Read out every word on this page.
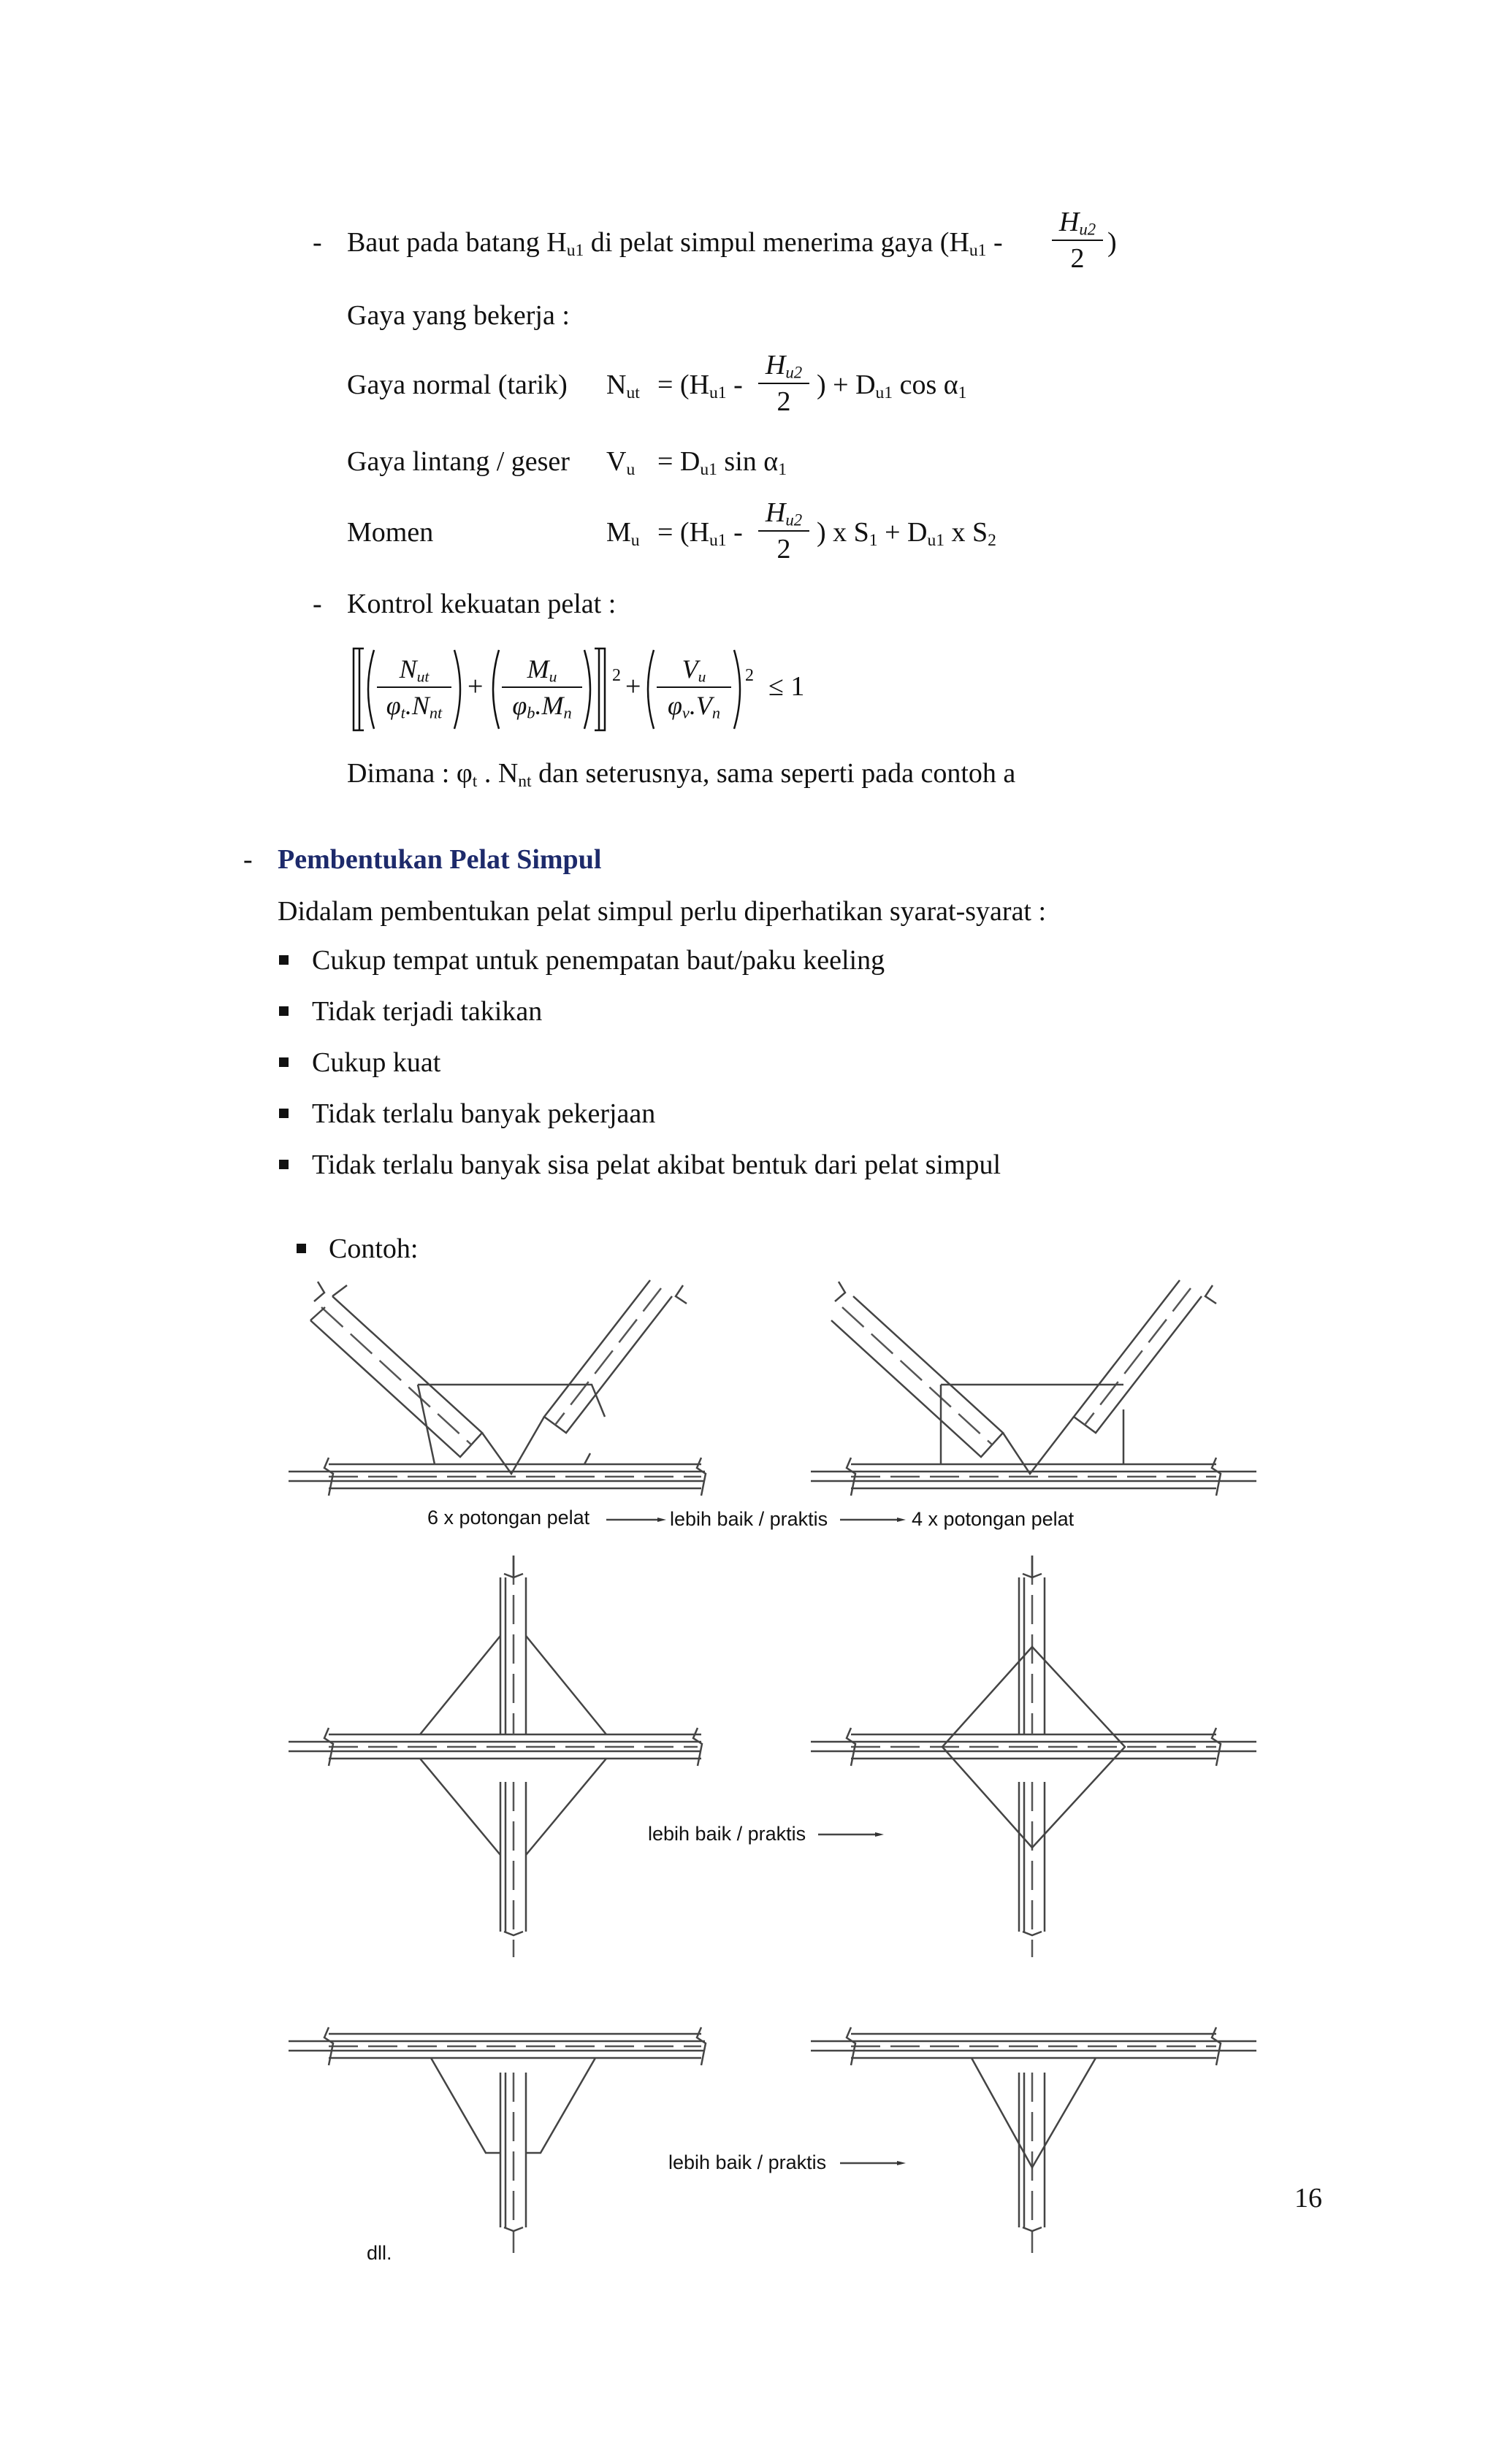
- Baut pada batang $H_{u1}$ di pelat simpul menerima gaya ($H_{u1} - \frac{H_{u2}}{2}$ )
Gaya yang bekerja :
Gaya normal (tarik) $N_{ut} = (H_{u1} - \frac{H_{u2}}{2}$ ) + $D_{u1}$ $\cos \alpha_1$
Gaya lintang / geser $V_u = D_{u1}$ $\sin \alpha_1$
Momen	$M_u = (H_{u1} - \frac{H_{u2}}{2}$ ) x $S_1 + D_{u1}$ x $S_2$
- Kontrol kekuatan pelat :
$N_{ut}$
$\varphi_t.N_{nt}$
+ $\frac{M_u}{\varphi_b.M_n} 2 + \frac{V_u}{\varphi_v.V_n} 2 \le 1$
Dimana : $\varphi_t$ . $N_{nt}$ dan seterusnya, sama seperti pada contoh a
- Pembentukan Pelat Simpul
Didalam pembentukan pelat simpul perlu diperhatikan syarat-syarat :
Cukup tempat untuk penempatan baut/paku keeling
Tidak terjadi takikan
Cukup kuat
Tidak terlalu banyak pekerjaan
Tidak terlalu banyak sisa pelat akibat bentuk dari pelat simpul
Contoh:
6 x potongan pelat	lebih baik / praktis	4 x potongan pelat
lebih baik / praktis
lebih baik / praktis
dll.
16
